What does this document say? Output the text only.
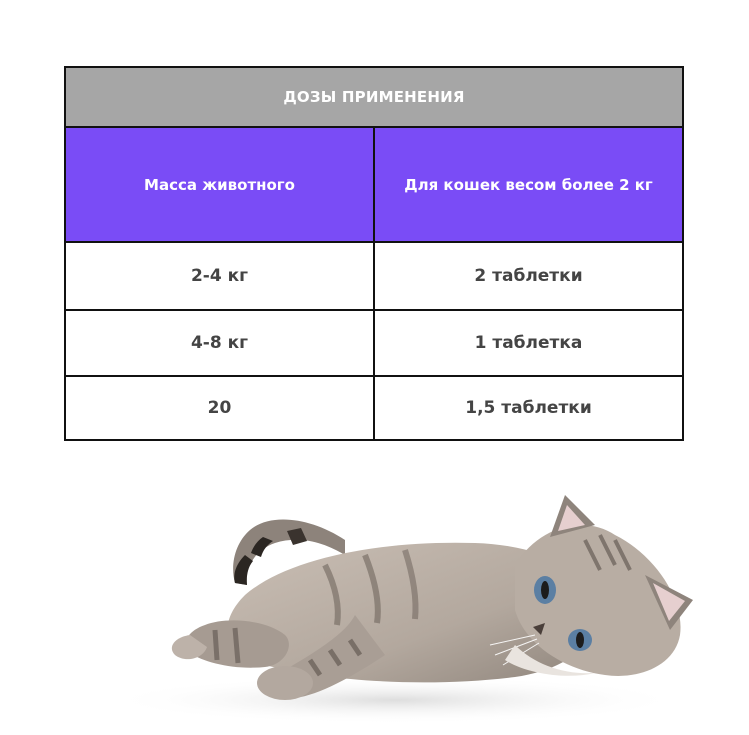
ДОЗЫ ПРИМЕНЕНИЯ	
Масса животного	Для кошек весом более 2 кг
2-4 кг	2 таблетки
4-8 кг	1 таблетка
20	1,5 таблетки
